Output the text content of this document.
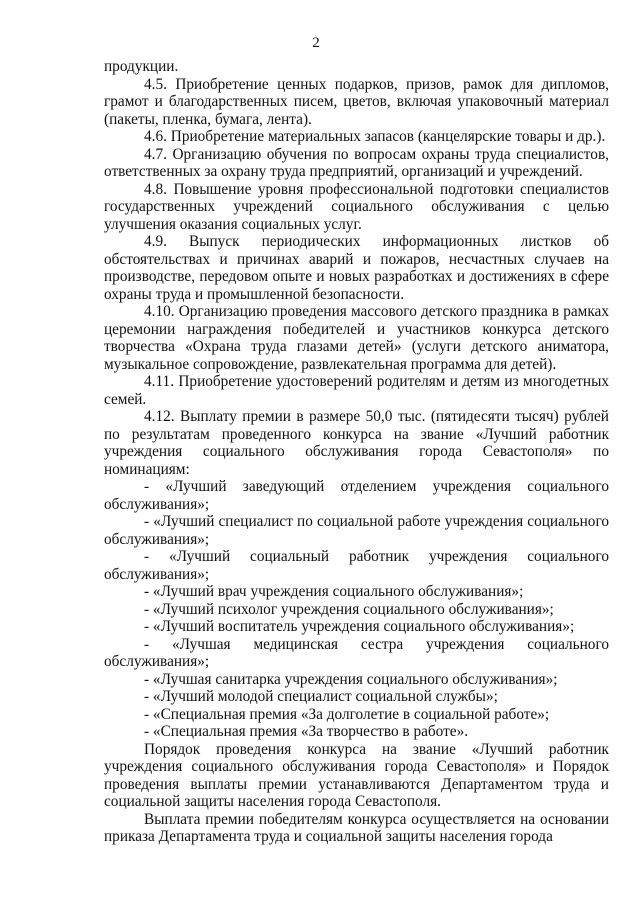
2

продукции.

4.5. Приобретение ценных подарков, призов, рамок для дипломов, грамот и благодарственных писем, цветов, включая упаковочный материал (пакеты, пленка, бумага, лента).

4.6. Приобретение материальных запасов (канцелярские товары и др.).

4.7. Организацию обучения по вопросам охраны труда специалистов, ответственных за охрану труда предприятий, организаций и учреждений.

4.8. Повышение уровня профессиональной подготовки специалистов государственных учреждений социального обслуживания с целью улучшения оказания социальных услуг.

4.9. Выпуск периодических информационных листков об обстоятельствах и причинах аварий и пожаров, несчастных случаев на производстве, передовом опыте и новых разработках и достижениях в сфере охраны труда и промышленной безопасности.

4.10. Организацию проведения массового детского праздника в рамках церемонии награждения победителей и участников конкурса детского творчества «Охрана труда глазами детей» (услуги детского аниматора, музыкальное сопровождение, развлекательная программа для детей).

4.11. Приобретение удостоверений родителям и детям из многодетных семей.

4.12. Выплату премии в размере 50,0 тыс. (пятидесяти тысяч) рублей по результатам проведенного конкурса на звание «Лучший работник учреждения социального обслуживания города Севастополя» по номинациям:

- «Лучший заведующий отделением учреждения социального обслуживания»;

- «Лучший специалист по социальной работе учреждения социального обслуживания»;

- «Лучший социальный работник учреждения социального обслуживания»;

- «Лучший врач учреждения социального обслуживания»;

- «Лучший психолог учреждения социального обслуживания»;

- «Лучший воспитатель учреждения социального обслуживания»;

- «Лучшая медицинская сестра учреждения социального обслуживания»;

- «Лучшая санитарка учреждения социального обслуживания»;

- «Лучший молодой специалист социальной службы»;

- «Специальная премия «За долголетие в социальной работе»;

- «Специальная премия «За творчество в работе».

Порядок проведения конкурса на звание «Лучший работник учреждения социального обслуживания города Севастополя» и Порядок проведения выплаты премии устанавливаются Департаментом труда и социальной защиты населения города Севастополя.

Выплата премии победителям конкурса осуществляется на основании приказа Департамента труда и социальной защиты населения города
